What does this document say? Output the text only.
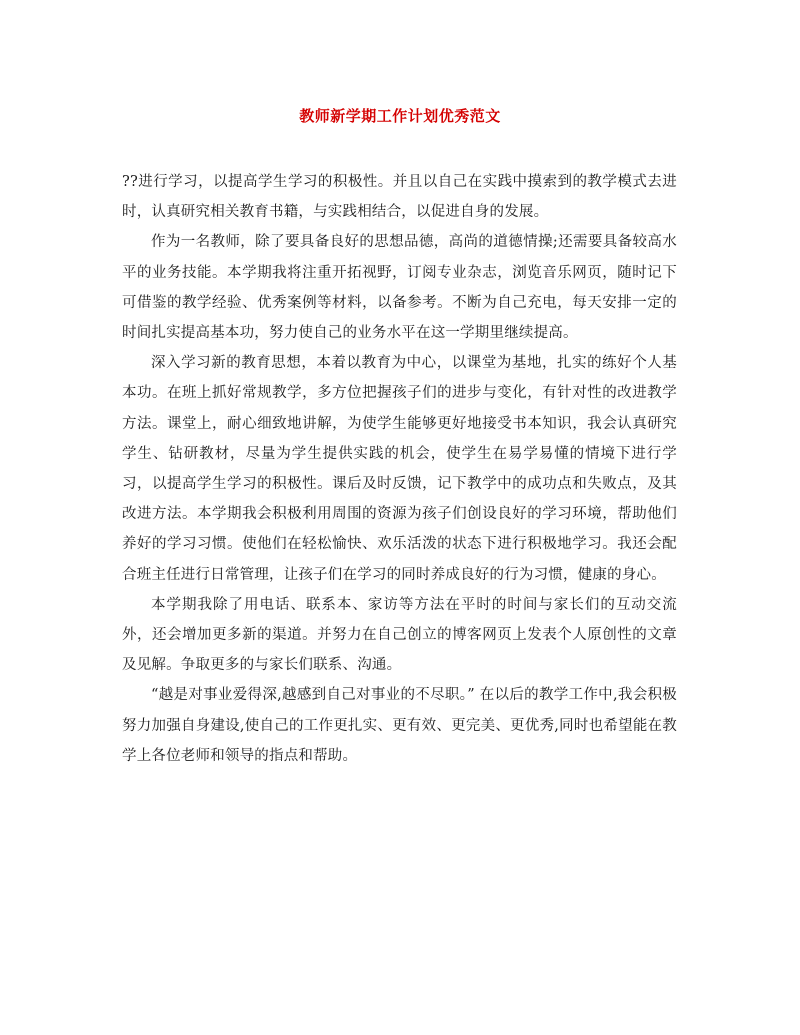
教师新学期工作计划优秀范文

??进行学习，以提高学生学习的积极性。并且以自己在实践中摸索到的教学模式去进时，认真研究相关教育书籍，与实践相结合，以促进自身的发展。

作为一名教师，除了要具备良好的思想品德，高尚的道德情操;还需要具备较高水平的业务技能。本学期我将注重开拓视野，订阅专业杂志，浏览音乐网页，随时记下可借鉴的教学经验、优秀案例等材料，以备参考。不断为自己充电，每天安排一定的时间扎实提高基本功，努力使自己的业务水平在这一学期里继续提高。

深入学习新的教育思想，本着以教育为中心，以课堂为基地，扎实的练好个人基本功。在班上抓好常规教学，多方位把握孩子们的进步与变化，有针对性的改进教学方法。课堂上，耐心细致地讲解，为使学生能够更好地接受书本知识，我会认真研究学生、钻研教材，尽量为学生提供实践的机会，使学生在易学易懂的情境下进行学习，以提高学生学习的积极性。课后及时反馈，记下教学中的成功点和失败点，及其改进方法。本学期我会积极利用周围的资源为孩子们创设良好的学习环境，帮助他们养好的学习习惯。使他们在轻松愉快、欢乐活泼的状态下进行积极地学习。我还会配合班主任进行日常管理，让孩子们在学习的同时养成良好的行为习惯，健康的身心。

本学期我除了用电话、联系本、家访等方法在平时的时间与家长们的互动交流外，还会增加更多新的渠道。并努力在自己创立的博客网页上发表个人原创性的文章及见解。争取更多的与家长们联系、沟通。

“越是对事业爱得深,越感到自己对事业的不尽职。” 在以后的教学工作中,我会积极努力加强自身建设,使自己的工作更扎实、更有效、更完美、更优秀,同时也希望能在教学上各位老师和领导的指点和帮助。
